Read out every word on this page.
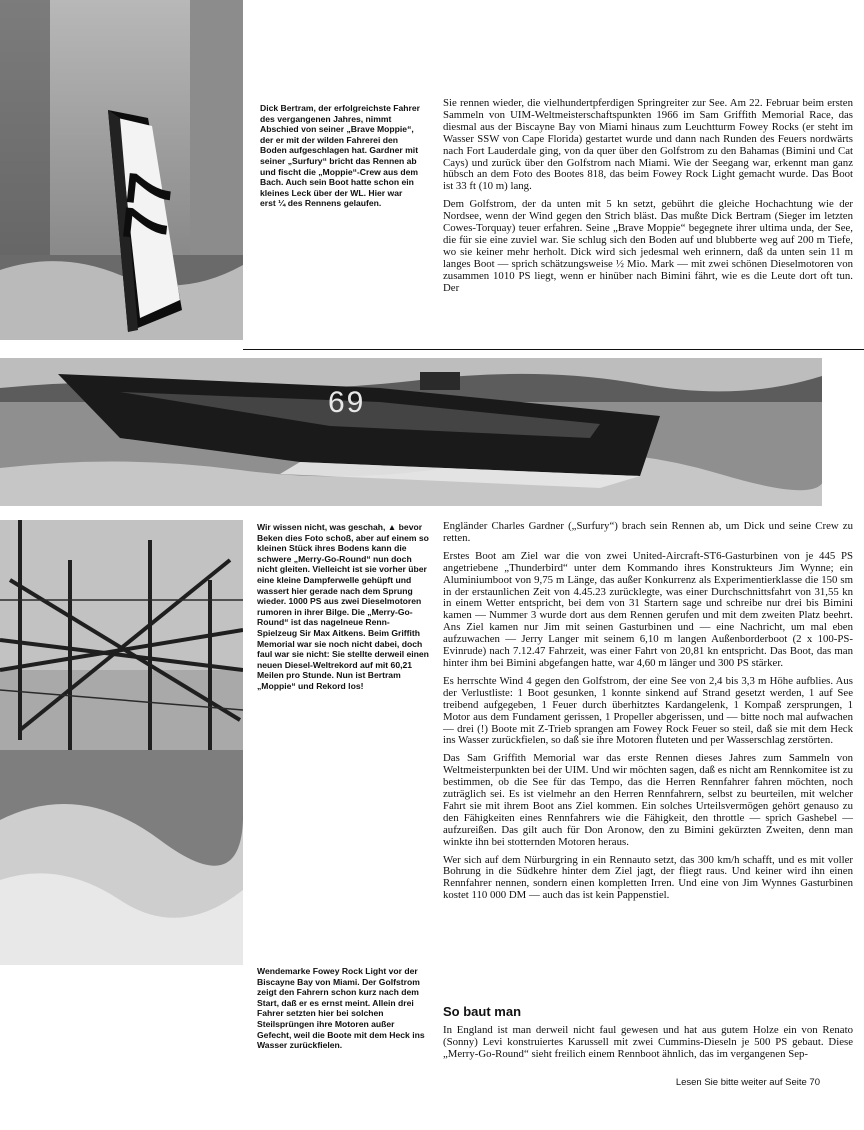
77

Dick Bertram, der erfolgreichste Fahrer des vergangenen Jahres, nimmt Abschied von seiner „Brave Moppie“, der er mit der wilden Fahrerei den Boden aufgeschlagen hat. Gardner mit seiner „Surfury“ bricht das Rennen ab und fischt die „Moppie“-Crew aus dem Bach. Auch sein Boot hatte schon ein kleines Leck über der WL. Hier war erst ¼ des Rennens gelaufen.

Sie rennen wieder, die vielhundertpferdigen Springreiter zur See. Am 22. Februar beim ersten Sammeln von UIM-Weltmeisterschaftspunkten 1966 im Sam Griffith Memorial Race, das diesmal aus der Biscayne Bay von Miami hinaus zum Leuchtturm Fowey Rocks (er steht im Wasser SSW von Cape Florida) gestartet wurde und dann nach Runden des Feuers nordwärts nach Fort Lauderdale ging, von da quer über den Golfstrom zu den Bahamas (Bimini und Cat Cays) und zurück über den Golfstrom nach Miami. Wie der Seegang war, erkennt man ganz hübsch an dem Foto des Bootes 818, das beim Fowey Rock Light gemacht wurde. Das Boot ist 33 ft (10 m) lang.

Dem Golfstrom, der da unten mit 5 kn setzt, gebührt die gleiche Hochachtung wie der Nordsee, wenn der Wind gegen den Strich bläst. Das mußte Dick Bertram (Sieger im letzten Cowes-Torquay) teuer erfahren. Seine „Brave Moppie“ begegnete ihrer ultima unda, der See, die für sie eine zuviel war. Sie schlug sich den Boden auf und blubberte weg auf 200 m Tiefe, wo sie keiner mehr herholt. Dick wird sich jedesmal weh erinnern, daß da unten sein 11 m langes Boot — sprich schätzungsweise ½ Mio. Mark — mit zwei schönen Dieselmotoren von zusammen 1010 PS liegt, wenn er hinüber nach Bimini fährt, wie es die Leute dort oft tun. Der

69

Wir wissen nicht, was geschah, ▲ bevor Beken dies Foto schoß, aber auf einem so kleinen Stück ihres Bodens kann die schwere „Merry-Go-Round“ nun doch nicht gleiten. Vielleicht ist sie vorher über eine kleine Dampferwelle gehüpft und wassert hier gerade nach dem Sprung wieder. 1000 PS aus zwei Dieselmotoren rumoren in ihrer Bilge. Die „Merry-Go-Round“ ist das nagelneue Renn-Spielzeug Sir Max Aitkens. Beim Griffith Memorial war sie noch nicht dabei, doch faul war sie nicht: Sie stellte derweil einen neuen Diesel-Weltrekord auf mit 60,21 Meilen pro Stunde. Nun ist Bertram „Moppie“ und Rekord los!

Wendemarke Fowey Rock Light vor der Biscayne Bay von Miami. Der Golfstrom zeigt den Fahrern schon kurz nach dem Start, daß er es ernst meint. Allein drei Fahrer setzten hier bei solchen Steilsprüngen ihre Motoren außer Gefecht, weil die Boote mit dem Heck ins Wasser zurückfielen.

Engländer Charles Gardner („Surfury“) brach sein Rennen ab, um Dick und seine Crew zu retten.

Erstes Boot am Ziel war die von zwei United-Aircraft-ST6-Gasturbinen von je 445 PS angetriebene „Thunderbird“ unter dem Kommando ihres Konstrukteurs Jim Wynne; ein Aluminiumboot von 9,75 m Länge, das außer Konkurrenz als Experimentierklasse die 150 sm in der erstaunlichen Zeit von 4.45.23 zurücklegte, was einer Durchschnittsfahrt von 31,55 kn in einem Wetter entspricht, bei dem von 31 Startern sage und schreibe nur drei bis Bimini kamen — Nummer 3 wurde dort aus dem Rennen gerufen und mit dem zweiten Platz beehrt. Ans Ziel kamen nur Jim mit seinen Gasturbinen und — eine Nachricht, um mal eben aufzuwachen — Jerry Langer mit seinem 6,10 m langen Außenborderboot (2 x 100-PS-Evinrude) nach 7.12.47 Fahrzeit, was einer Fahrt von 20,81 kn entspricht. Das Boot, das man hinter ihm bei Bimini abgefangen hatte, war 4,60 m länger und 300 PS stärker.

Es herrschte Wind 4 gegen den Golfstrom, der eine See von 2,4 bis 3,3 m Höhe aufblies. Aus der Verlustliste: 1 Boot gesunken, 1 konnte sinkend auf Strand gesetzt werden, 1 auf See treibend aufgegeben, 1 Feuer durch überhitztes Kardangelenk, 1 Kompaß zersprungen, 1 Motor aus dem Fundament gerissen, 1 Propeller abgerissen, und — bitte noch mal aufwachen — drei (!) Boote mit Z-Trieb sprangen am Fowey Rock Feuer so steil, daß sie mit dem Heck ins Wasser zurückfielen, so daß sie ihre Motoren fluteten und per Wasserschlag zerstörten.

Das Sam Griffith Memorial war das erste Rennen dieses Jahres zum Sammeln von Weltmeisterpunkten bei der UIM. Und wir möchten sagen, daß es nicht am Rennkomitee ist zu bestimmen, ob die See für das Tempo, das die Herren Rennfahrer fahren möchten, noch zuträglich sei. Es ist vielmehr an den Herren Rennfahrern, selbst zu beurteilen, mit welcher Fahrt sie mit ihrem Boot ans Ziel kommen. Ein solches Urteilsvermögen gehört genauso zu den Fähigkeiten eines Rennfahrers wie die Fähigkeit, den throttle — sprich Gashebel — aufzureißen. Das gilt auch für Don Aronow, den zu Bimini gekürzten Zweiten, denn man winkte ihn bei stotternden Motoren heraus.

Wer sich auf dem Nürburgring in ein Rennauto setzt, das 300 km/h schafft, und es mit voller Bohrung in die Südkehre hinter dem Ziel jagt, der fliegt raus. Und keiner wird ihn einen Rennfahrer nennen, sondern einen kompletten Irren. Und eine von Jim Wynnes Gasturbinen kostet 110 000 DM — auch das ist kein Pappenstiel.

So baut man

In England ist man derweil nicht faul gewesen und hat aus gutem Holze ein von Renato (Sonny) Levi konstruiertes Karussell mit zwei Cummins-Dieseln je 500 PS gebaut. Diese „Merry-Go-Round“ sieht freilich einem Rennboot ähnlich, das im vergangenen Sep-

Lesen Sie bitte weiter auf Seite 70
